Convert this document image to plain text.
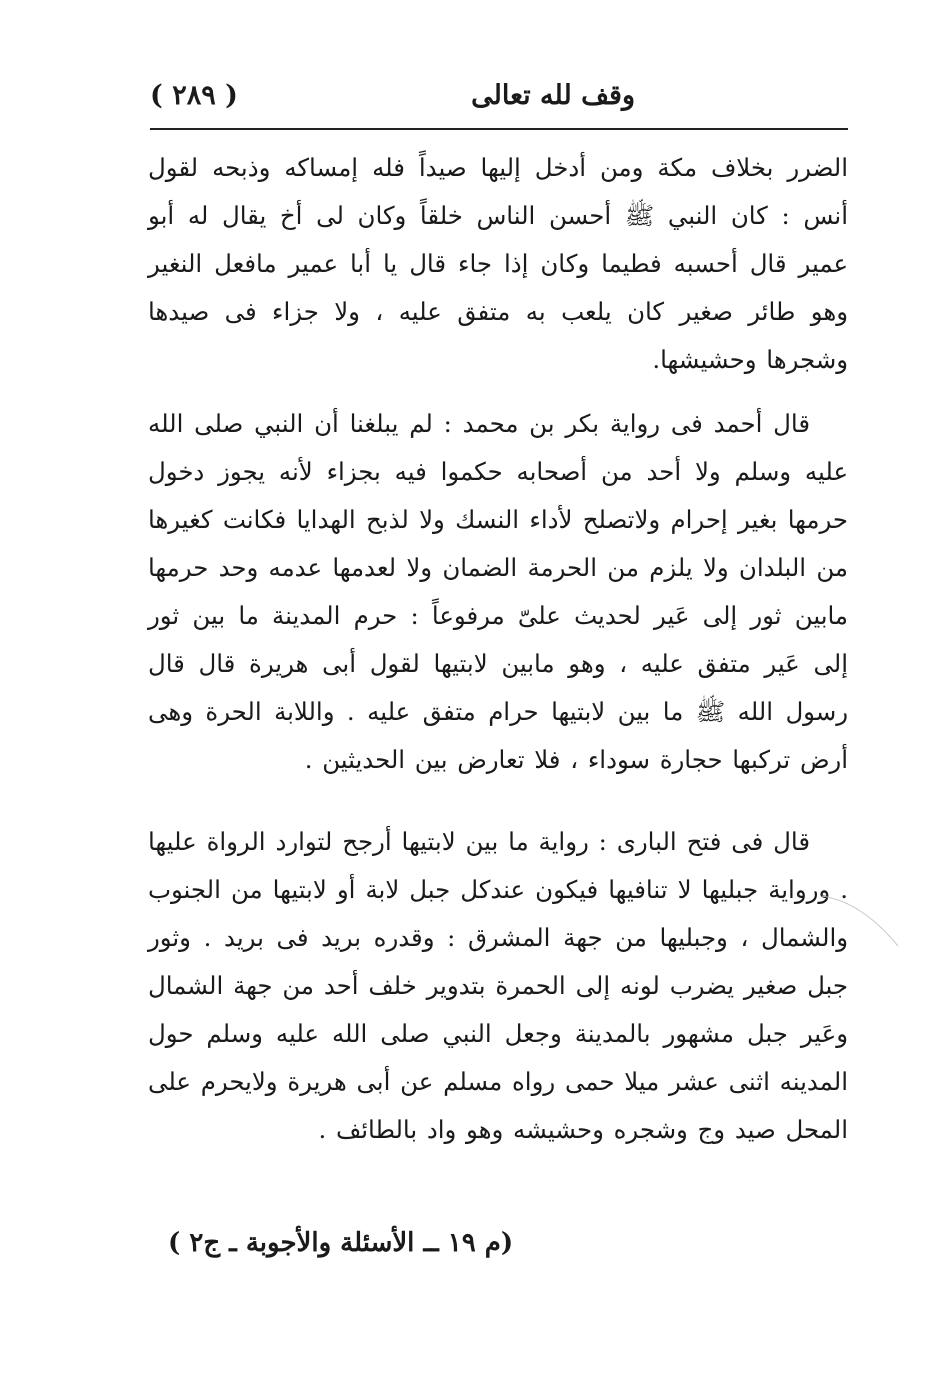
وقف لله تعالى
( ٢٨٩ )

الضرر بخلاف مكة ومن أدخل إليها صيداً فله إمساكه وذبحه لقول أنس : كان النبي ﷺ أحسن الناس خلقاً وكان لى أخ يقال له أبو عمير قال أحسبه فطيما وكان إذا جاء قال يا أبا عمير مافعل النغير وهو طائر صغير كان يلعب به متفق عليه ، ولا جزاء فى صيدها وشجرها وحشيشها.

قال أحمد فى رواية بكر بن محمد : لم يبلغنا أن النبي صلى الله عليه وسلم ولا أحد من أصحابه حكموا فيه بجزاء لأنه يجوز دخول حرمها بغير إحرام ولاتصلح لأداء النسك ولا لذبح الهدايا فكانت كغيرها من البلدان ولا يلزم من الحرمة الضمان ولا لعدمها عدمه وحد حرمها مابين ثور إلى عَير لحديث علىّ مرفوعاً : حرم المدينة ما بين ثور إلى عَير متفق عليه ، وهو مابين لابتيها لقول أبى هريرة قال قال رسول الله ﷺ ما بين لابتيها حرام متفق عليه . واللابة الحرة وهى أرض تركبها حجارة سوداء ، فلا تعارض بين الحديثين .

قال فى فتح البارى : رواية ما بين لابتيها أرجح لتوارد الرواة عليها . ورواية جبليها لا تنافيها فيكون عندكل جبل لابة أو لابتيها من الجنوب والشمال ، وجبليها من جهة المشرق : وقدره بريد فى بريد . وثور جبل صغير يضرب لونه إلى الحمرة بتدوير خلف أحد من جهة الشمال وعَير جبل مشهور بالمدينة وجعل النبي صلى الله عليه وسلم حول المدينه اثنى عشر ميلا حمى رواه مسلم عن أبى هريرة ولايحرم على المحل صيد وج وشجره وحشيشه وهو واد بالطائف .

(م ١٩ ــ الأسئلة والأجوبة ـ ج٢ )
